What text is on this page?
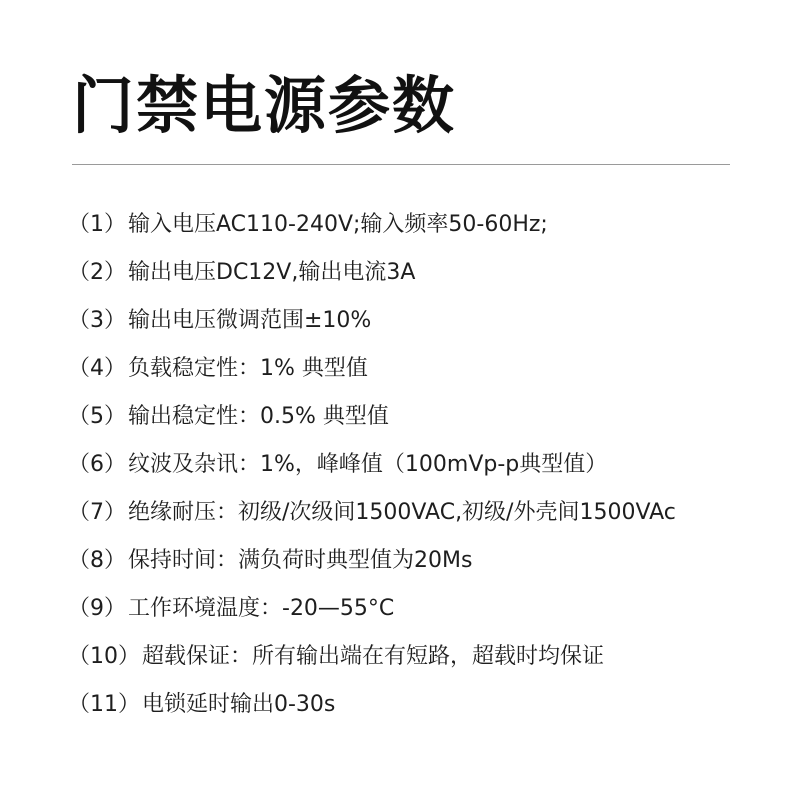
门禁电源参数
（1） 输入电压AC110-240V;输入频率50-60Hz;
（2） 输出电压DC12V,输出电流3A
（3） 输出电压微调范围±10%
（4） 负载稳定性：1% 典型值
（5） 输出稳定性：0.5% 典型值
（6） 纹波及杂讯：1%，峰峰值（100mVp-p典型值）
（7） 绝缘耐压：初级/次级间1500VAC,初级/外壳间1500VAc
（8） 保持时间：满负荷时典型值为20Ms
（9） 工作环境温度：-20—55°C
（10） 超载保证：所有输出端在有短路，超载时均保证
（11） 电锁延时输出0-30s
